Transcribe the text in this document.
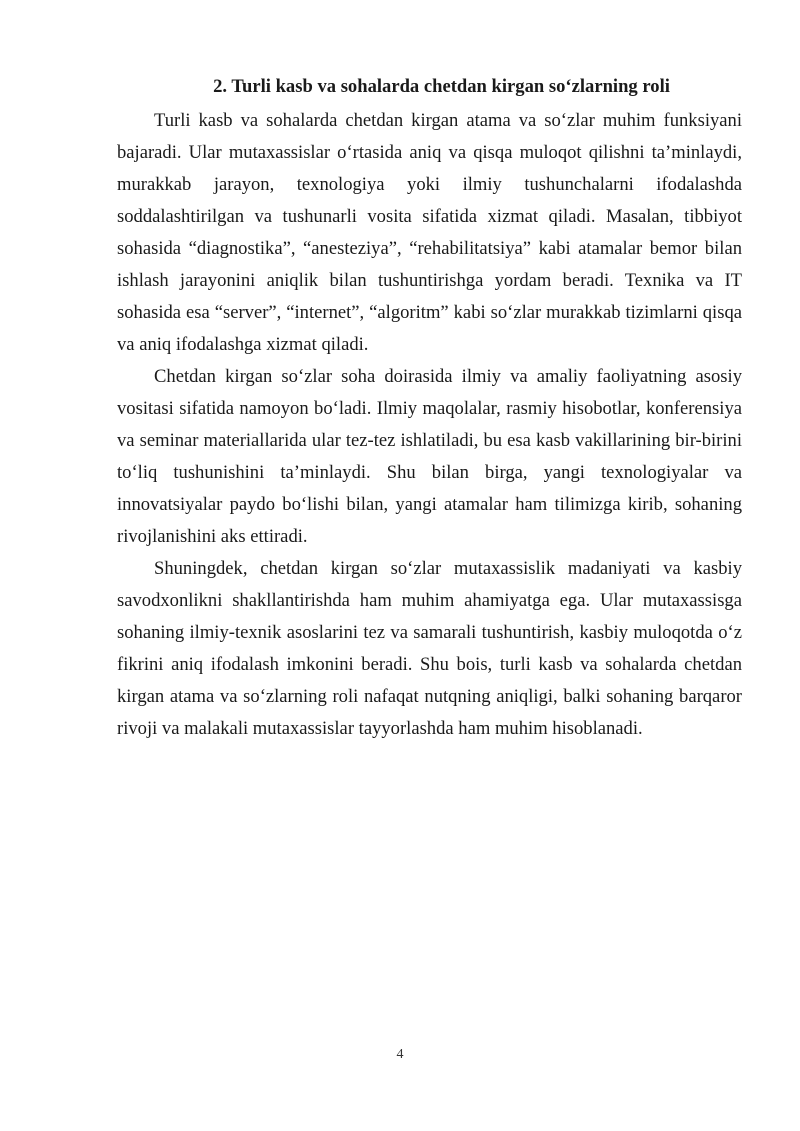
2. Turli kasb va sohalarda chetdan kirgan so‘zlarning roli

Turli kasb va sohalarda chetdan kirgan atama va so‘zlar muhim funksiyani bajaradi. Ular mutaxassislar o‘rtasida aniq va qisqa muloqot qilishni ta’minlaydi, murakkab jarayon, texnologiya yoki ilmiy tushunchalarni ifodalashda soddalashtirilgan va tushunarli vosita sifatida xizmat qiladi. Masalan, tibbiyot sohasida “diagnostika”, “anesteziya”, “rehabilitatsiya” kabi atamalar bemor bilan ishlash jarayonini aniqlik bilan tushuntirishga yordam beradi. Texnika va IT sohasida esa “server”, “internet”, “algoritm” kabi so‘zlar murakkab tizimlarni qisqa va aniq ifodalashga xizmat qiladi.

Chetdan kirgan so‘zlar soha doirasida ilmiy va amaliy faoliyatning asosiy vositasi sifatida namoyon bo‘ladi. Ilmiy maqolalar, rasmiy hisobotlar, konferensiya va seminar materiallarida ular tez-tez ishlatiladi, bu esa kasb vakillarining bir-birini to‘liq tushunishini ta’minlaydi. Shu bilan birga, yangi texnologiyalar va innovatsiyalar paydo bo‘lishi bilan, yangi atamalar ham tilimizga kirib, sohaning rivojlanishini aks ettiradi.

Shuningdek, chetdan kirgan so‘zlar mutaxassislik madaniyati va kasbiy savodxonlikni shakllantirishda ham muhim ahamiyatga ega. Ular mutaxassisga sohaning ilmiy-texnik asoslarini tez va samarali tushuntirish, kasbiy muloqotda o‘z fikrini aniq ifodalash imkonini beradi. Shu bois, turli kasb va sohalarda chetdan kirgan atama va so‘zlarning roli nafaqat nutqning aniqligi, balki sohaning barqaror rivoji va malakali mutaxassislar tayyorlashda ham muhim hisoblanadi.

4
